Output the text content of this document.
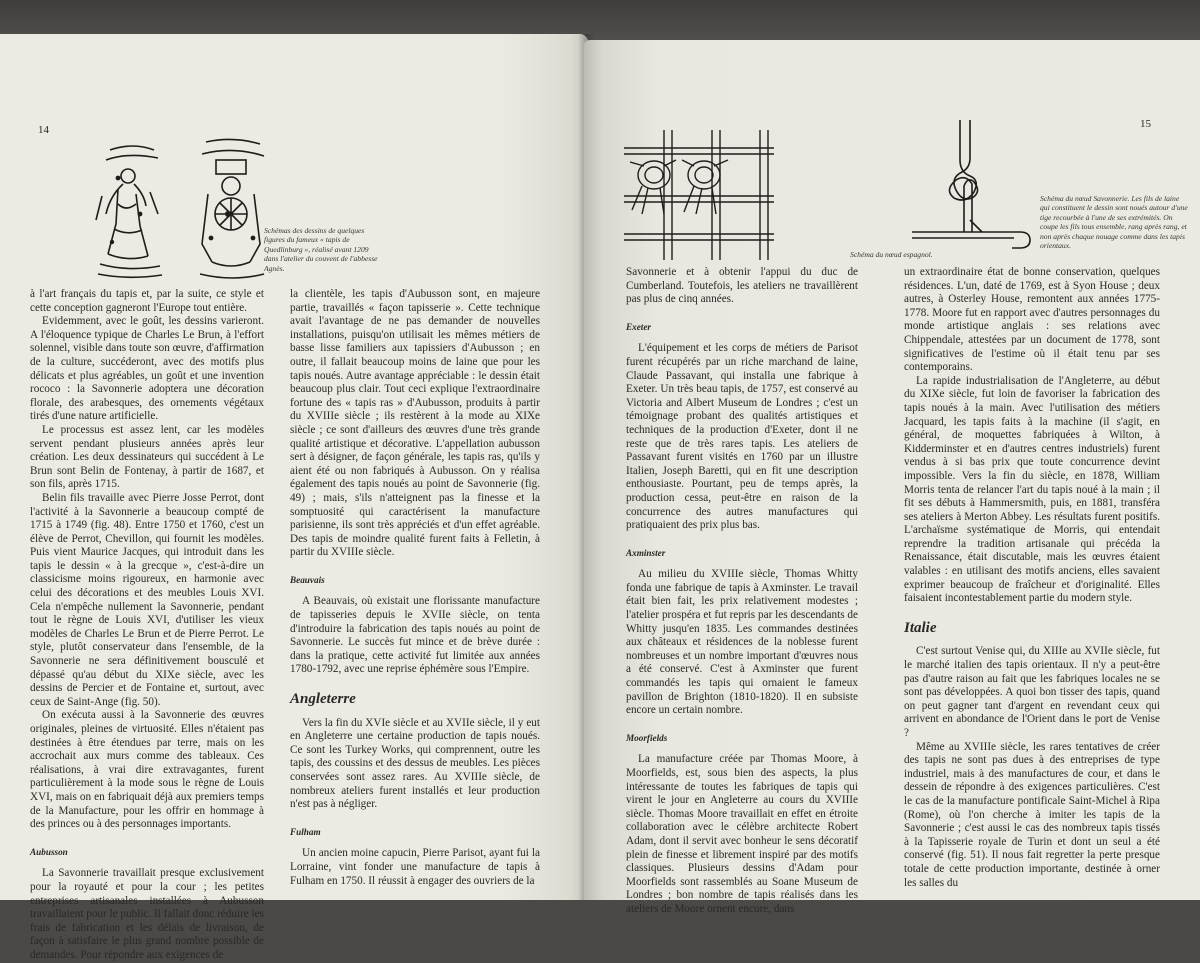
14
Schémas des dessins de quelques figures du fameux « tapis de Quedlinburg », réalisé avant 1209 dans l'atelier du couvent de l'abbesse Agnès.

à l'art français du tapis et, par la suite, ce style et cette conception gagneront l'Europe tout entière.

Evidemment, avec le goût, les dessins varieront. A l'éloquence typique de Charles Le Brun, à l'effort solennel, visible dans toute son œuvre, d'affirmation de la culture, succéderont, avec des motifs plus délicats et plus agréables, un goût et une invention rococo : la Savonnerie adoptera une décoration florale, des arabesques, des ornements végétaux tirés d'une nature artificielle.

Le processus est assez lent, car les modèles servent pendant plusieurs années après leur création. Les deux dessinateurs qui succédent à Le Brun sont Belin de Fontenay, à partir de 1687, et son fils, après 1715.

Belin fils travaille avec Pierre Josse Perrot, dont l'activité à la Savonnerie a beaucoup compté de 1715 à 1749 (fig. 48). Entre 1750 et 1760, c'est un élève de Perrot, Chevillon, qui fournit les modèles. Puis vient Maurice Jacques, qui introduit dans les tapis le dessin « à la grecque », c'est-à-dire un classicisme moins rigoureux, en harmonie avec celui des décorations et des meubles Louis XVI. Cela n'empêche nullement la Savonnerie, pendant tout le règne de Louis XVI, d'utiliser les vieux modèles de Charles Le Brun et de Pierre Perrot. Le style, plutôt conservateur dans l'ensemble, de la Savonnerie ne sera définitivement bousculé et dépassé qu'au début du XIXe siècle, avec les dessins de Percier et de Fontaine et, surtout, avec ceux de Saint-Ange (fig. 50).

On exécuta aussi à la Savonnerie des œuvres originales, pleines de virtuosité. Elles n'étaient pas destinées à être étendues par terre, mais on les accrochait aux murs comme des tableaux. Ces réalisations, à vrai dire extravagantes, furent particulièrement à la mode sous le règne de Louis XVI, mais on en fabriquait déjà aux premiers temps de la Manufacture, pour les offrir en hommage à des princes ou à des personnages importants.

Aubusson

La Savonnerie travaillait presque exclusivement pour la royauté et pour la cour ; les petites entreprises artisanales installées à Aubusson travaillaient pour le public. Il fallait donc réduire les frais de fabrication et les délais de livraison, de façon à satisfaire le plus grand nombre possible de demandes. Pour répondre aux exigences de

la clientèle, les tapis d'Aubusson sont, en majeure partie, travaillés « façon tapisserie ». Cette technique avait l'avantage de ne pas demander de nouvelles installations, puisqu'on utilisait les mêmes métiers de basse lisse familiers aux tapissiers d'Aubusson ; en outre, il fallait beaucoup moins de laine que pour les tapis noués. Autre avantage appréciable : le dessin était beaucoup plus clair. Tout ceci explique l'extraordinaire fortune des « tapis ras » d'Aubusson, produits à partir du XVIIIe siècle ; ils restèrent à la mode au XIXe siècle ; ce sont d'ailleurs des œuvres d'une très grande qualité artistique et décorative. L'appellation aubusson sert à désigner, de façon générale, les tapis ras, qu'ils y aient été ou non fabriqués à Aubusson. On y réalisa également des tapis noués au point de Savonnerie (fig. 49) ; mais, s'ils n'atteignent pas la finesse et la somptuosité qui caractérisent la manufacture parisienne, ils sont très appréciés et d'un effet agréable. Des tapis de moindre qualité furent faits à Felletin, à partir du XVIIIe siècle.

Beauvais

A Beauvais, où existait une florissante manufacture de tapisseries depuis le XVIIe siècle, on tenta d'introduire la fabrication des tapis noués au point de Savonnerie. Le succès fut mince et de brève durée : dans la pratique, cette activité fut limitée aux années 1780-1792, avec une reprise éphémère sous l'Empire.

Angleterre

Vers la fin du XVIe siècle et au XVIIe siècle, il y eut en Angleterre une certaine production de tapis noués. Ce sont les Turkey Works, qui comprennent, outre les tapis, des coussins et des dessus de meubles. Les pièces conservées sont assez rares. Au XVIIIe siècle, de nombreux ateliers furent installés et leur production n'est pas à négliger.

Fulham

Un ancien moine capucin, Pierre Parisot, ayant fui la Lorraine, vint fonder une manufacture de tapis à Fulham en 1750. Il réussit à engager des ouvriers de la

15
Schéma du nœud espagnol.
Schéma du nœud Savonnerie. Les fils de laine qui constituent le dessin sont noués autour d'une tige recourbée à l'une de ses extrémités. On coupe les fils tous ensemble, rang après rang, et non après chaque nouage comme dans les tapis orientaux.

Savonnerie et à obtenir l'appui du duc de Cumberland. Toutefois, les ateliers ne travaillèrent pas plus de cinq années.

Exeter

L'équipement et les corps de métiers de Parisot furent récupérés par un riche marchand de laine, Claude Passavant, qui installa une fabrique à Exeter. Un très beau tapis, de 1757, est conservé au Victoria and Albert Museum de Londres ; c'est un témoignage probant des qualités artistiques et techniques de la production d'Exeter, dont il ne reste que de très rares tapis. Les ateliers de Passavant furent visités en 1760 par un illustre Italien, Joseph Baretti, qui en fit une description enthousiaste. Pourtant, peu de temps après, la production cessa, peut-être en raison de la concurrence des autres manufactures qui pratiquaient des prix plus bas.

Axminster

Au milieu du XVIIIe siècle, Thomas Whitty fonda une fabrique de tapis à Axminster. Le travail était bien fait, les prix relativement modestes ; l'atelier prospéra et fut repris par les descendants de Whitty jusqu'en 1835. Les commandes destinées aux châteaux et résidences de la noblesse furent nombreuses et un nombre important d'œuvres nous a été conservé. C'est à Axminster que furent commandés les tapis qui ornaient le fameux pavillon de Brighton (1810-1820). Il en subsiste encore un certain nombre.

Moorfields

La manufacture créée par Thomas Moore, à Moorfields, est, sous bien des aspects, la plus intéressante de toutes les fabriques de tapis qui virent le jour en Angleterre au cours du XVIIIe siècle. Thomas Moore travaillait en effet en étroite collaboration avec le célèbre architecte Robert Adam, dont il servit avec bonheur le sens décoratif plein de finesse et librement inspiré par des motifs classiques. Plusieurs dessins d'Adam pour Moorfields sont rassemblés au Soane Museum de Londres ; bon nombre de tapis réalisés dans les ateliers de Moore ornent encore, dans

un extraordinaire état de bonne conservation, quelques résidences. L'un, daté de 1769, est à Syon House ; deux autres, à Osterley House, remontent aux années 1775-1778. Moore fut en rapport avec d'autres personnages du monde artistique anglais : ses relations avec Chippendale, attestées par un document de 1778, sont significatives de l'estime où il était tenu par ses contemporains.

La rapide industrialisation de l'Angleterre, au début du XIXe siècle, fut loin de favoriser la fabrication des tapis noués à la main. Avec l'utilisation des métiers Jacquard, les tapis faits à la machine (il s'agit, en général, de moquettes fabriquées à Wilton, à Kidderminster et en d'autres centres industriels) furent vendus à si bas prix que toute concurrence devint impossible. Vers la fin du siècle, en 1878, William Morris tenta de relancer l'art du tapis noué à la main ; il fit ses débuts à Hammersmith, puis, en 1881, transféra ses ateliers à Merton Abbey. Les résultats furent positifs. L'archaïsme systématique de Morris, qui entendait reprendre la tradition artisanale qui précéda la Renaissance, était discutable, mais les œuvres étaient valables : en utilisant des motifs anciens, elles savaient exprimer beaucoup de fraîcheur et d'originalité. Elles faisaient incontestablement partie du modern style.

Italie

C'est surtout Venise qui, du XIIIe au XVIIe siècle, fut le marché italien des tapis orientaux. Il n'y a peut-être pas d'autre raison au fait que les fabriques locales ne se sont pas développées. A quoi bon tisser des tapis, quand on peut gagner tant d'argent en revendant ceux qui arrivent en abondance de l'Orient dans le port de Venise ?

Même au XVIIIe siècle, les rares tentatives de créer des tapis ne sont pas dues à des entreprises de type industriel, mais à des manufactures de cour, et dans le dessein de répondre à des exigences particulières. C'est le cas de la manufacture pontificale Saint-Michel à Ripa (Rome), où l'on cherche à imiter les tapis de la Savonnerie ; c'est aussi le cas des nombreux tapis tissés à la Tapisserie royale de Turin et dont un seul a été conservé (fig. 51). Il nous fait regretter la perte presque totale de cette production importante, destinée à orner les salles du
